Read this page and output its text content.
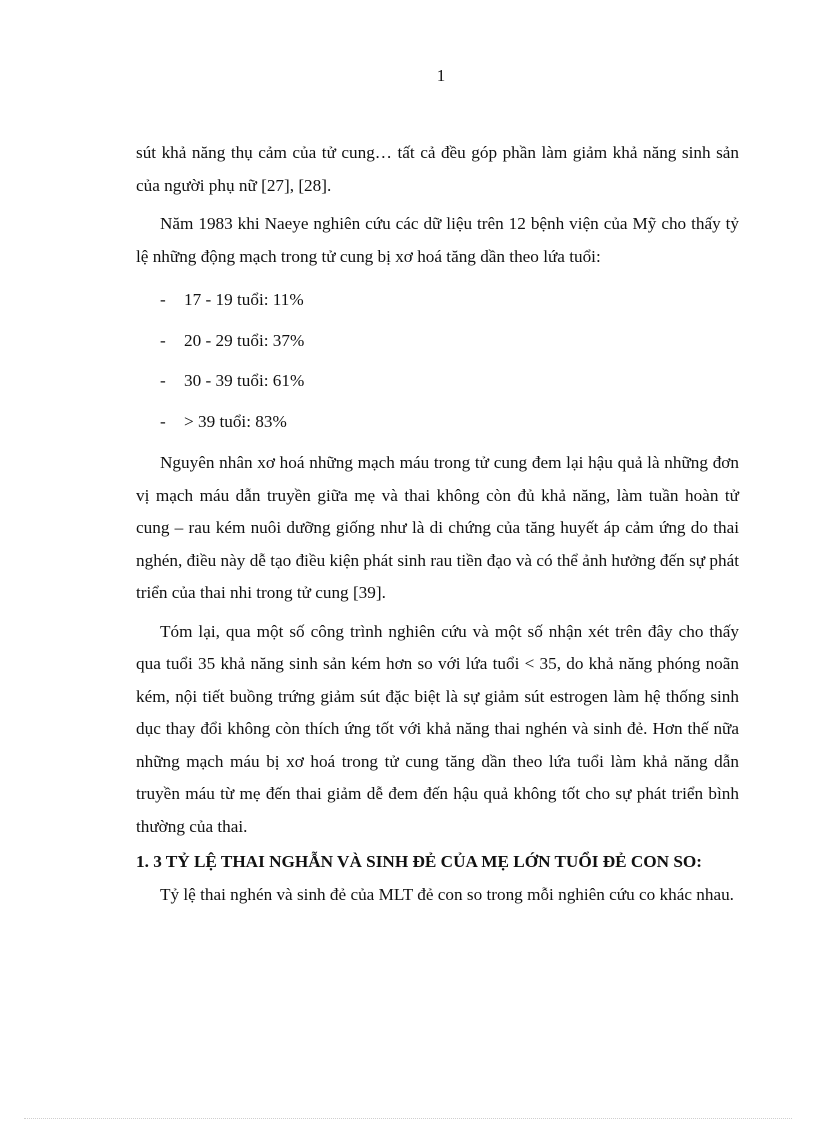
1

sút khả năng thụ cảm của tử cung… tất cả đều góp phần làm giảm khả năng sinh sản của người phụ nữ [27], [28].

Năm 1983 khi Naeye nghiên cứu các dữ liệu trên 12 bệnh viện của Mỹ cho thấy tỷ lệ những động mạch trong tử cung bị xơ hoá tăng dần theo lứa tuổi:

- 17 - 19 tuổi: 11%
- 20 - 29 tuổi: 37%
- 30 - 39 tuổi: 61%
- > 39 tuổi: 83%

Nguyên nhân xơ hoá những mạch máu trong tử cung đem lại hậu quả là những đơn vị mạch máu dẫn truyền giữa mẹ và thai không còn đủ khả năng, làm tuần hoàn tử cung – rau kém nuôi dưỡng giống như là di chứng của tăng huyết áp cảm ứng do thai nghén, điều này dễ tạo điều kiện phát sinh rau tiền đạo và có thể ảnh hưởng đến sự phát triển của thai nhi trong tử cung [39].

Tóm lại, qua một số công trình nghiên cứu và một số nhận xét trên đây cho thấy qua tuổi 35 khả năng sinh sản kém hơn so với lứa tuổi < 35, do khả năng phóng noãn kém, nội tiết buồng trứng giảm sút đặc biệt là sự giảm sút estrogen làm hệ thống sinh dục thay đổi không còn thích ứng tốt với khả năng thai nghén và sinh đẻ. Hơn thế nữa những mạch máu bị xơ hoá trong tử cung tăng dần theo lứa tuổi làm khả năng dẫn truyền máu từ mẹ đến thai giảm dễ đem đến hậu quả không tốt cho sự phát triển bình thường của thai.

1. 3 TỶ LỆ THAI NGHẪN VÀ SINH ĐẺ CỦA MẸ LỚN TUỔI ĐẺ CON SO:

Tỷ lệ thai nghén và sinh đẻ của MLT đẻ con so trong mỗi nghiên cứu co khác nhau.
